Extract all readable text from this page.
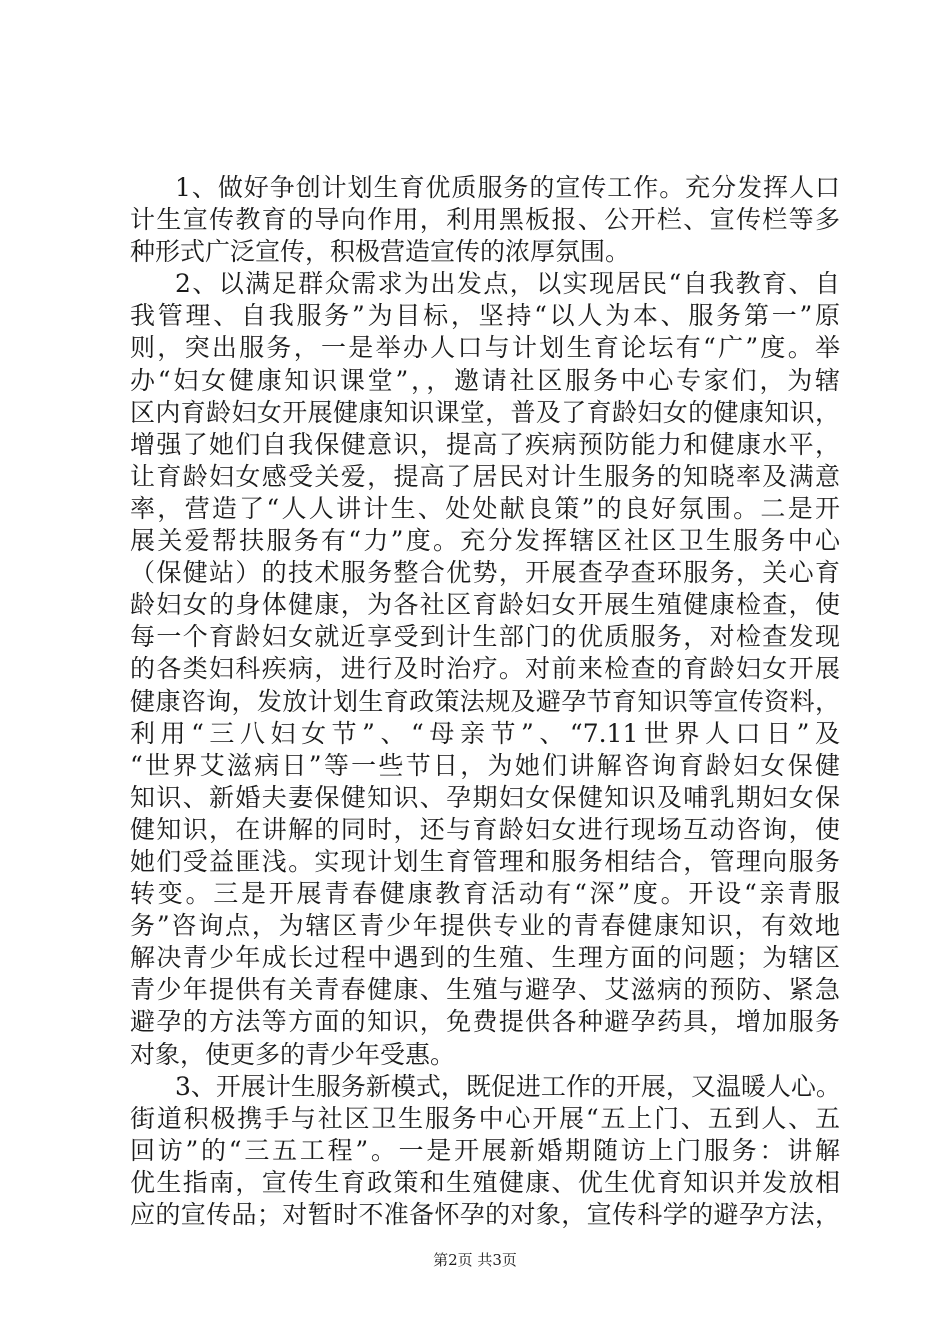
1、做好争创计划生育优质服务的宣传工作。充分发挥人口
计生宣传教育的导向作用，利用黑板报、公开栏、宣传栏等多
种形式广泛宣传，积极营造宣传的浓厚氛围。
2、以满足群众需求为出发点，以实现居民“自我教育、自
我管理、自我服务”为目标，坚持“以人为本、服务第一”原
则，突出服务，一是举办人口与计划生育论坛有“广”度。举
办“妇女健康知识课堂”，，邀请社区服务中心专家们，为辖
区内育龄妇女开展健康知识课堂，普及了育龄妇女的健康知识，
增强了她们自我保健意识，提高了疾病预防能力和健康水平，
让育龄妇女感受关爱，提高了居民对计生服务的知晓率及满意
率，营造了“人人讲计生、处处献良策”的良好氛围。二是开
展关爱帮扶服务有“力”度。充分发挥辖区社区卫生服务中心
（保健站）的技术服务整合优势，开展查孕查环服务，关心育
龄妇女的身体健康，为各社区育龄妇女开展生殖健康检查，使
每一个育龄妇女就近享受到计生部门的优质服务，对检查发现
的各类妇科疾病，进行及时治疗。对前来检查的育龄妇女开展
健康咨询，发放计划生育政策法规及避孕节育知识等宣传资料，
利用“三八妇女节”、“母亲节”、“7.11世界人口日”及
“世界艾滋病日”等一些节日，为她们讲解咨询育龄妇女保健
知识、新婚夫妻保健知识、孕期妇女保健知识及哺乳期妇女保
健知识，在讲解的同时，还与育龄妇女进行现场互动咨询，使
她们受益匪浅。实现计划生育管理和服务相结合，管理向服务
转变。三是开展青春健康教育活动有“深”度。开设“亲青服
务”咨询点，为辖区青少年提供专业的青春健康知识，有效地
解决青少年成长过程中遇到的生殖、生理方面的问题；为辖区
青少年提供有关青春健康、生殖与避孕、艾滋病的预防、紧急
避孕的方法等方面的知识，免费提供各种避孕药具，增加服务
对象，使更多的青少年受惠。
3、开展计生服务新模式，既促进工作的开展，又温暖人心。
街道积极携手与社区卫生服务中心开展“五上门、五到人、五
回访”的“三五工程”。一是开展新婚期随访上门服务：讲解
优生指南，宣传生育政策和生殖健康、优生优育知识并发放相
应的宣传品；对暂时不准备怀孕的对象，宣传科学的避孕方法，
第2页 共3页
